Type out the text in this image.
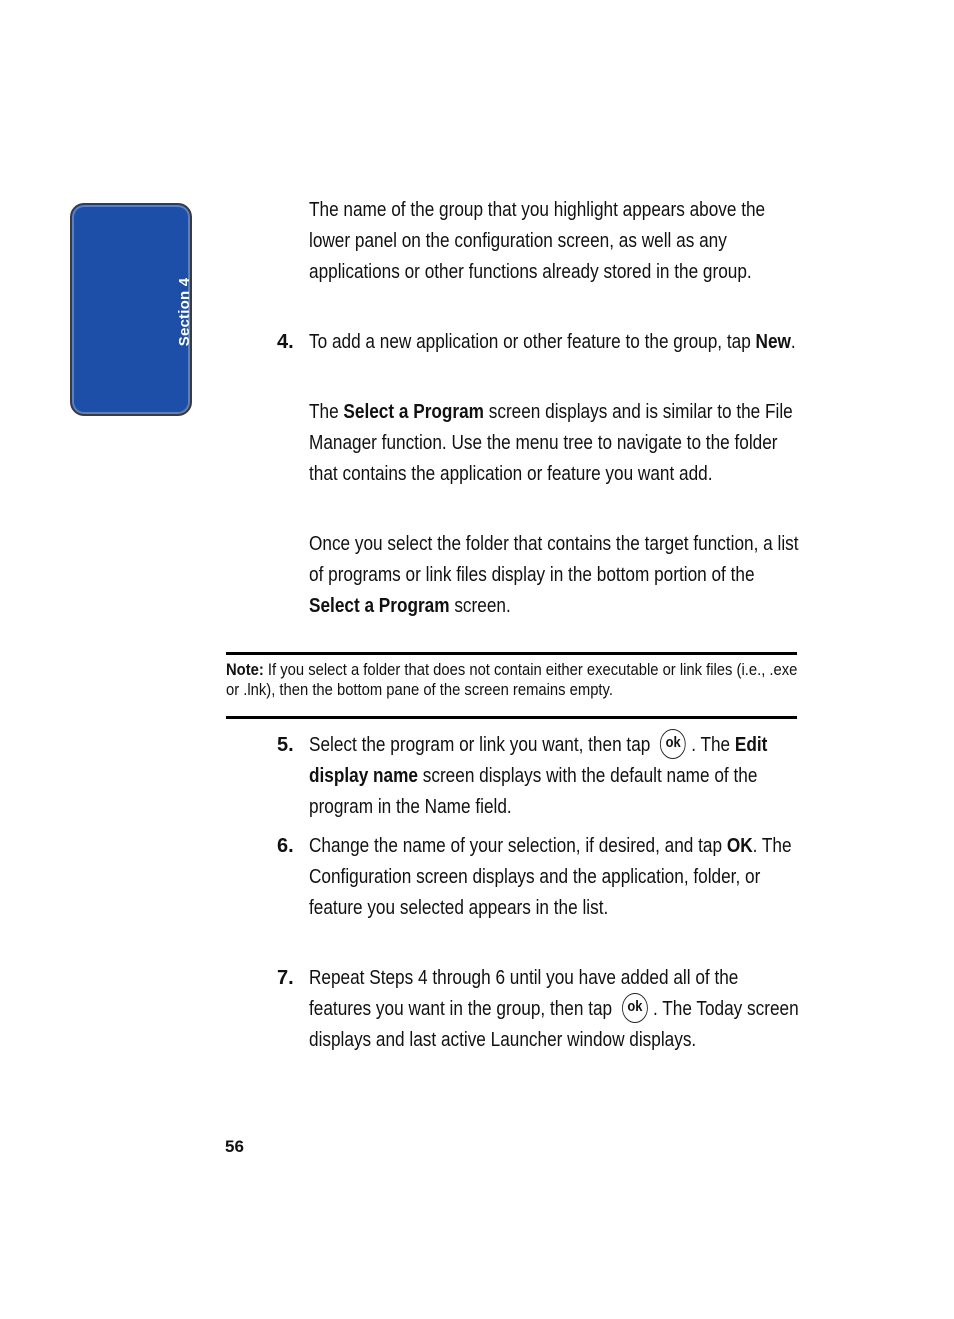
Section 4
The name of the group that you highlight appears above the lower panel on the configuration screen, as well as any applications or other functions already stored in the group.
4. To add a new application or other feature to the group, tap New.
The Select a Program screen displays and is similar to the File Manager function. Use the menu tree to navigate to the folder that contains the application or feature you want add.
Once you select the folder that contains the target function, a list of programs or link files display in the bottom portion of the Select a Program screen.
Note: If you select a folder that does not contain either executable or link files (i.e., .exe or .lnk), then the bottom pane of the screen remains empty.
5. Select the program or link you want, then tap ok. The Edit display name screen displays with the default name of the program in the Name field.
6. Change the name of your selection, if desired, and tap OK. The Configuration screen displays and the application, folder, or feature you selected appears in the list.
7. Repeat Steps 4 through 6 until you have added all of the features you want in the group, then tap ok. The Today screen displays and last active Launcher window displays.
56
